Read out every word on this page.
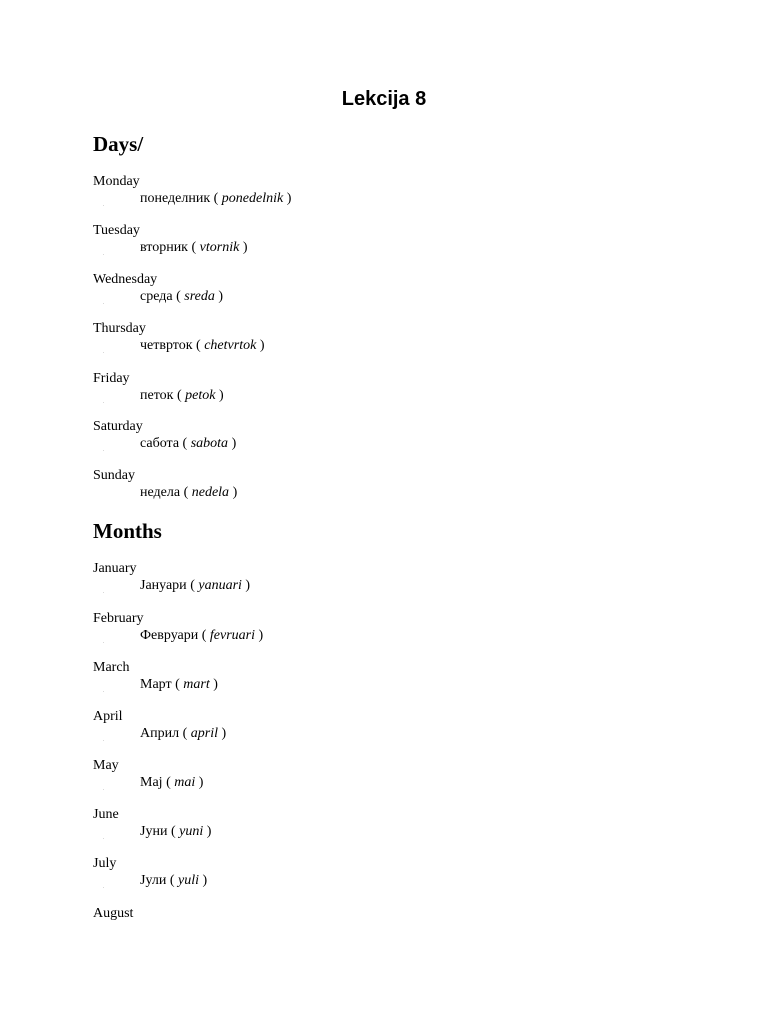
Lekcija 8
Days/
Monday
понеделник ( ponedelnik )
Tuesday
вторник ( vtornik )
Wednesday
среда ( sreda )
Thursday
четврток ( chetvrtok )
Friday
петок ( petok )
Saturday
сабота ( sabota )
Sunday
недела ( nedela )
Months
January
Јануари ( yanuari )
February
Февруари ( fevruari )
March
Март ( mart )
April
Април ( april )
May
Мај ( mai )
June
Јуни ( yuni )
July
Јули ( yuli )
August
